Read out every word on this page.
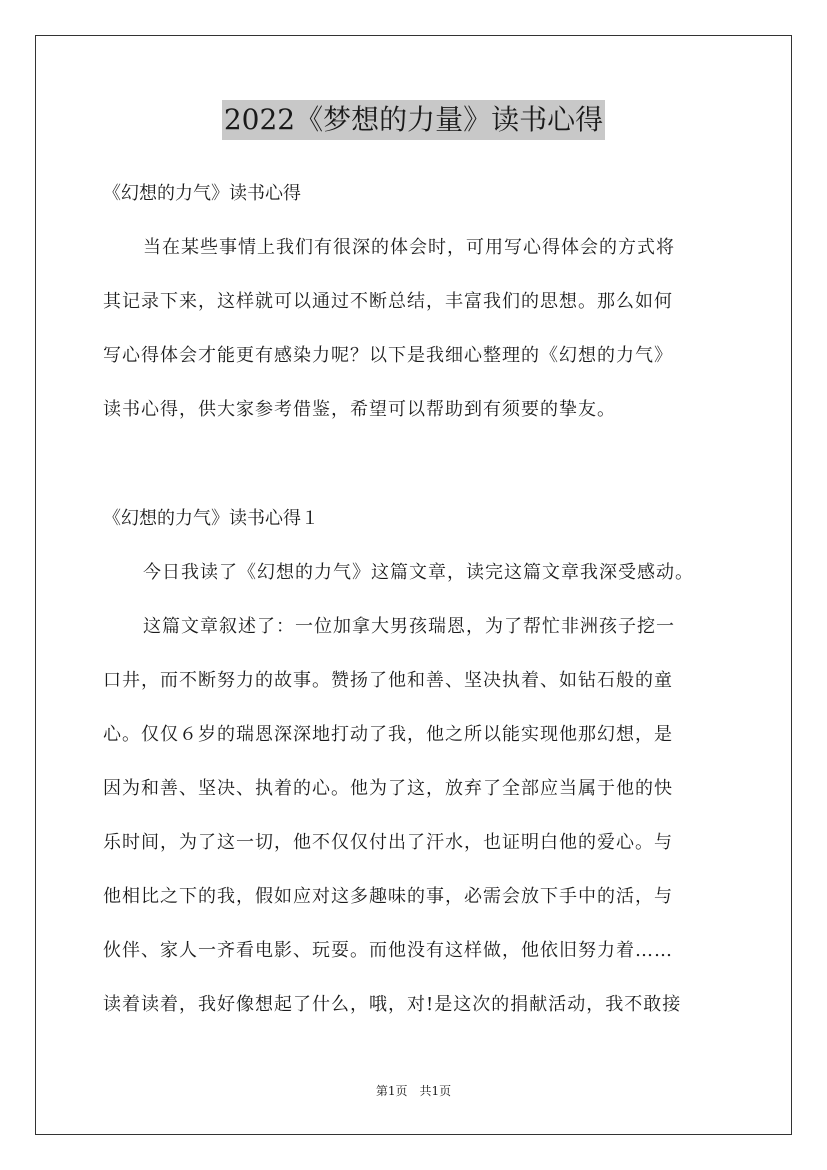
2022《梦想的力量》读书心得
《幻想的力气》读书心得
当在某些事情上我们有很深的体会时，可用写心得体会的方式将
其记录下来，这样就可以通过不断总结，丰富我们的思想。那么如何
写心得体会才能更有感染力呢？以下是我细心整理的《幻想的力气》
读书心得，供大家参考借鉴，希望可以帮助到有须要的挚友。
《幻想的力气》读书心得１
今日我读了《幻想的力气》这篇文章，读完这篇文章我深受感动。
这篇文章叙述了：一位加拿大男孩瑞恩，为了帮忙非洲孩子挖一
口井，而不断努力的故事。赞扬了他和善、坚决执着、如钻石般的童
心。仅仅６岁的瑞恩深深地打动了我，他之所以能实现他那幻想，是
因为和善、坚决、执着的心。他为了这，放弃了全部应当属于他的快
乐时间，为了这一切，他不仅仅付出了汗水，也证明白他的爱心。与
他相比之下的我，假如应对这多趣味的事，必需会放下手中的活，与
伙伴、家人一齐看电影、玩耍。而他没有这样做，他依旧努力着……
读着读着，我好像想起了什么，哦，对!是这次的捐献活动，我不敢接
第1页　共1页
